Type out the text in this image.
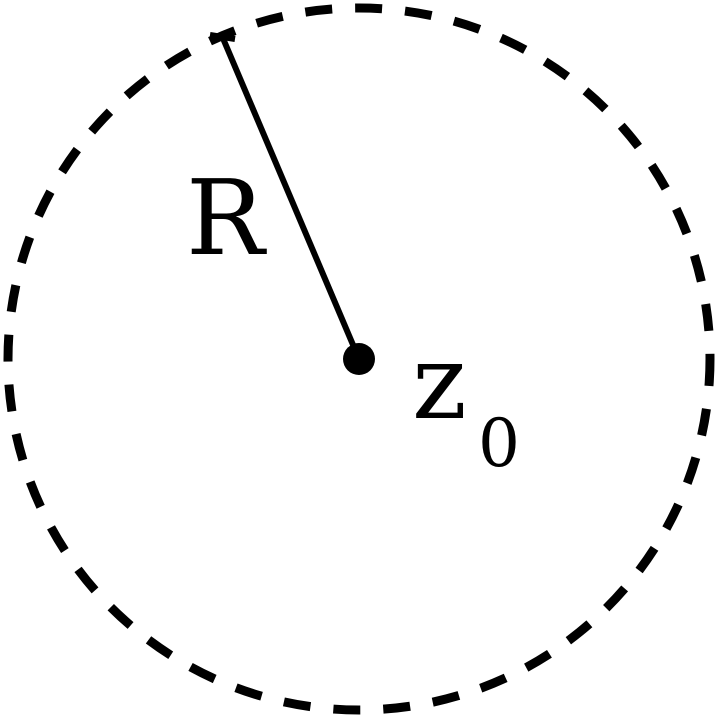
R
z
0
